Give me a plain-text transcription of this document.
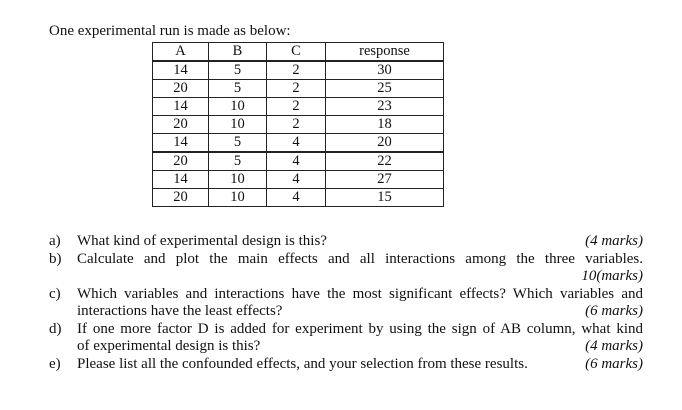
One experimental run is made as below:
A	B	C	response
14	5	2	30
20	5	2	25
14	10	2	23
20	10	2	18
14	5	4	20
20	5	4	22
14	10	4	27
20	10	4	15
a)	What kind of experimental design is this?	(4 marks)
b)	Calculate and plot the main effects and all interactions among the three variables.
10(marks)
c)	Which variables and interactions have the most significant effects? Which variables and
interactions have the least effects?	(6 marks)
d)	If one more factor D is added for experiment by using the sign of AB column, what kind
of experimental design is this?	(4 marks)
e)	Please list all the confounded effects, and your selection from these results.	(6 marks)
